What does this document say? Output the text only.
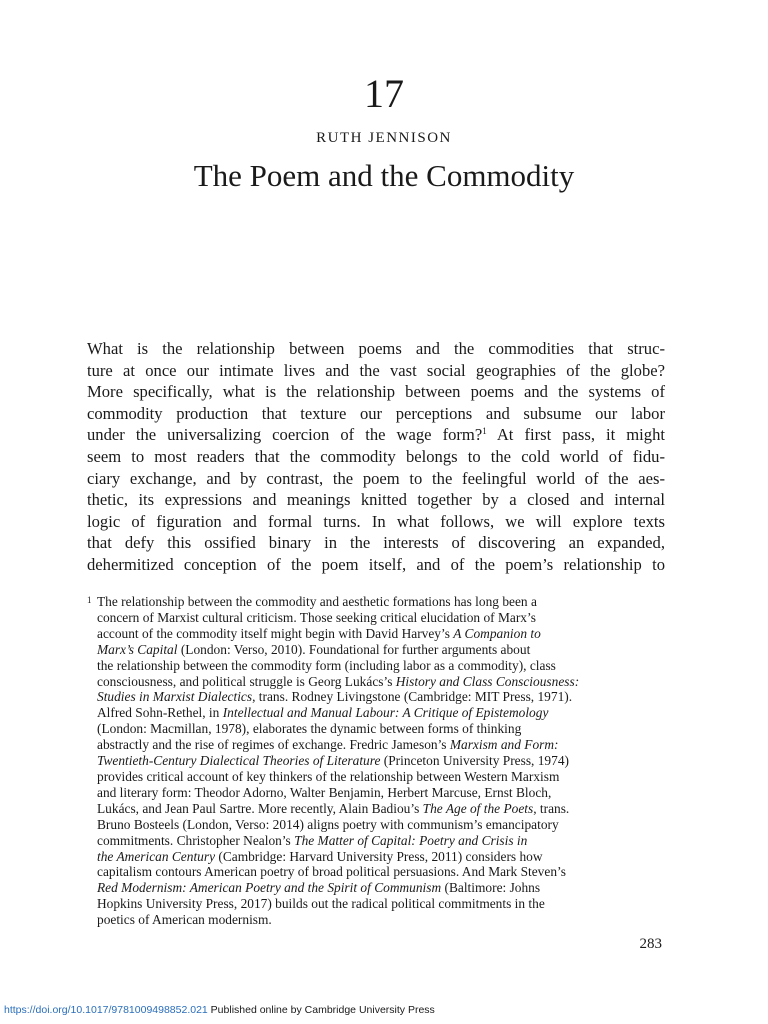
17
RUTH JENNISON
The Poem and the Commodity
What is the relationship between poems and the commodities that struc-
ture at once our intimate lives and the vast social geographies of the globe?
More specifically, what is the relationship between poems and the systems of
commodity production that texture our perceptions and subsume our labor
under the universalizing coercion of the wage form?$^1$ At first pass, it might
seem to most readers that the commodity belongs to the cold world of fidu-
ciary exchange, and by contrast, the poem to the feelingful world of the aes-
thetic, its expressions and meanings knitted together by a closed and internal
logic of figuration and formal turns. In what follows, we will explore texts
that defy this ossified binary in the interests of discovering an expanded,
dehermitized conception of the poem itself, and of the poem’s relationship to
1 The relationship between the commodity and aesthetic formations has long been a
concern of Marxist cultural criticism. Those seeking critical elucidation of Marx’s
account of the commodity itself might begin with David Harvey’s A Companion to
Marx’s Capital (London: Verso, 2010). Foundational for further arguments about
the relationship between the commodity form (including labor as a commodity), class
consciousness, and political struggle is Georg Lukács’s History and Class Consciousness:
Studies in Marxist Dialectics, trans. Rodney Livingstone (Cambridge: MIT Press, 1971).
Alfred Sohn-Rethel, in Intellectual and Manual Labour: A Critique of Epistemology
(London: Macmillan, 1978), elaborates the dynamic between forms of thinking
abstractly and the rise of regimes of exchange. Fredric Jameson’s Marxism and Form:
Twentieth-Century Dialectical Theories of Literature (Princeton University Press, 1974)
provides critical account of key thinkers of the relationship between Western Marxism
and literary form: Theodor Adorno, Walter Benjamin, Herbert Marcuse, Ernst Bloch,
Lukács, and Jean Paul Sartre. More recently, Alain Badiou’s The Age of the Poets, trans.
Bruno Bosteels (London, Verso: 2014) aligns poetry with communism’s emancipatory
commitments. Christopher Nealon’s The Matter of Capital: Poetry and Crisis in
the American Century (Cambridge: Harvard University Press, 2011) considers how
capitalism contours American poetry of broad political persuasions. And Mark Steven’s
Red Modernism: American Poetry and the Spirit of Communism (Baltimore: Johns
Hopkins University Press, 2017) builds out the radical political commitments in the
poetics of American modernism.
283
https://doi.org/10.1017/9781009498852.021 Published online by Cambridge University Press
